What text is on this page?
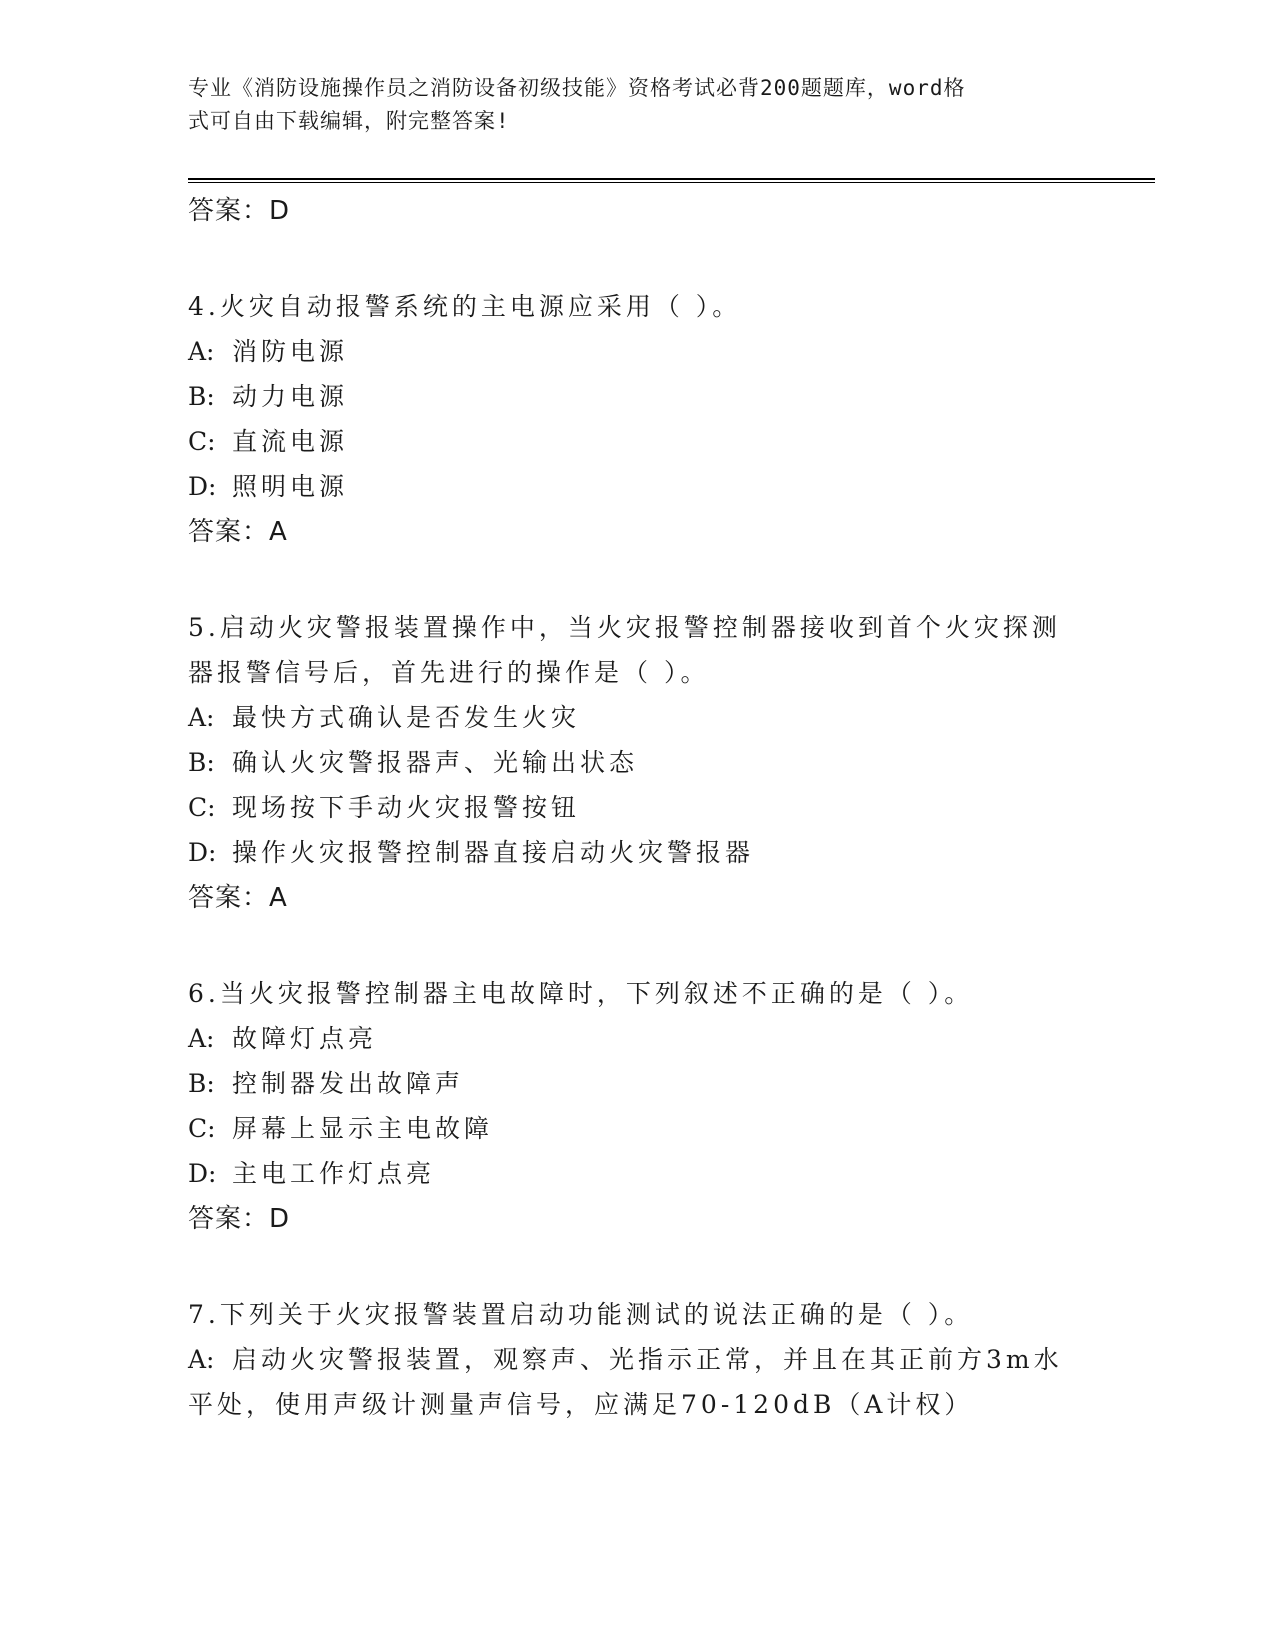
专业《消防设施操作员之消防设备初级技能》资格考试必背200题题库，word格
式可自由下载编辑，附完整答案!
答案：D
4.火灾自动报警系统的主电源应采用（ ）。
A: 消防电源
B: 动力电源
C: 直流电源
D: 照明电源
答案：A
5.启动火灾警报装置操作中，当火灾报警控制器接收到首个火灾探测
器报警信号后，首先进行的操作是（ ）。
A: 最快方式确认是否发生火灾
B: 确认火灾警报器声、光输出状态
C: 现场按下手动火灾报警按钮
D: 操作火灾报警控制器直接启动火灾警报器
答案：A
6.当火灾报警控制器主电故障时，下列叙述不正确的是（ ）。
A: 故障灯点亮
B: 控制器发出故障声
C: 屏幕上显示主电故障
D: 主电工作灯点亮
答案：D
7.下列关于火灾报警装置启动功能测试的说法正确的是（ ）。
A: 启动火灾警报装置，观察声、光指示正常，并且在其正前方3m水
平处，使用声级计测量声信号，应满足70-120dB（A计权）
